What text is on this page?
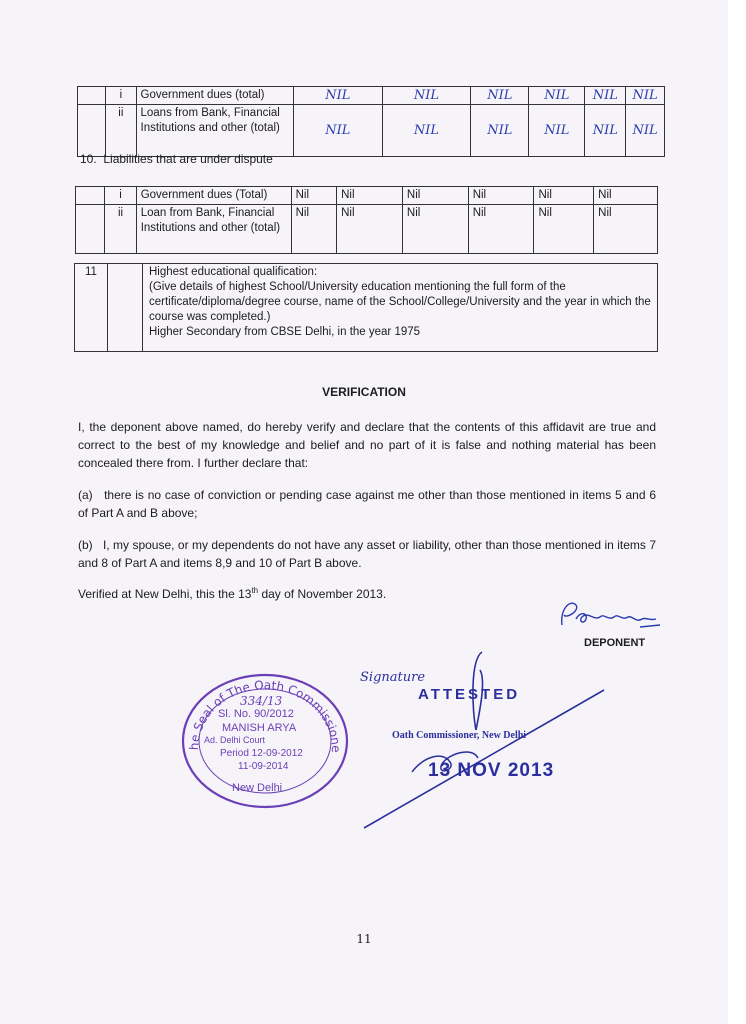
	i	Government dues (total)	NIL	NIL	NIL	NIL	NIL	NIL
	ii	Loans from Bank, Financial Institutions and other (total)	NIL	NIL	NIL	NIL	NIL	NIL
10. Liabilities that are under dispute
	i	Government dues (Total)	Nil	Nil	Nil	Nil	Nil	Nil
	ii	Loan from Bank, Financial Institutions and other (total)	Nil	Nil	Nil	Nil	Nil	Nil
11		Highest educational qualification:
(Give details of highest School/University education mentioning the full form of the certificate/diploma/degree course, name of the School/College/University and the year in which the course was completed.)
Higher Secondary from CBSE Delhi, in the year 1975
VERIFICATION
I, the deponent above named, do hereby verify and declare that the contents of this affidavit are true and correct to the best of my knowledge and belief and no part of it is false and nothing material has been concealed there from. I further declare that:
(a) there is no case of conviction or pending case against me other than those mentioned in items 5 and 6 of Part A and B above;
(b) I, my spouse, or my dependents do not have any asset or liability, other than those mentioned in items 7 and 8 of Part A and items 8,9 and 10 of Part B above.
Verified at New Delhi, this the 13th day of November 2013.
DEPONENT
he Seal of The Oath Commissione
334/13
Sl. No. 90/2012
MANISH ARYA
Ad. Delhi Court
Period 12-09-2012
11-09-2014
New Delhi
Signature
ATTESTED
Oath Commissioner, New Delhi
13 NOV 2013
11
